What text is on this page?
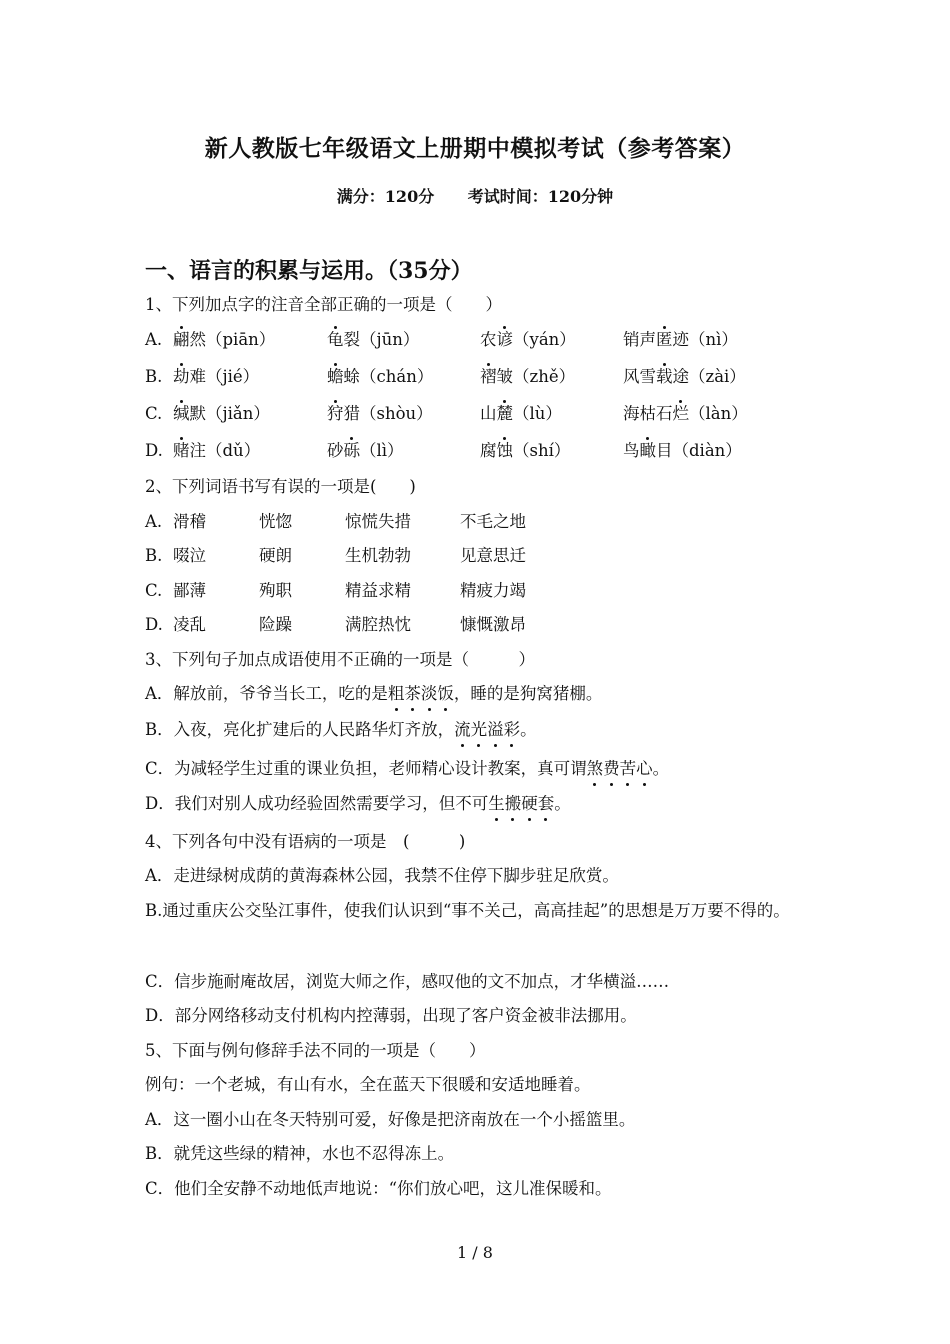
新人教版七年级语文上册期中模拟考试（参考答案）
满分：120分 考试时间：120分钟
一、语言的积累与运用。（35分）
1、下列加点字的注音全部正确的一项是（　　）
A. 翩然（piān）	龟裂（jūn）	农谚（yán）	销声匿迹（nì）
B. 劫难（jié）	蟾蜍（chán）	褶皱（zhě）	风雪载途（zài）
C. 缄默（jiǎn）	狩猎（shòu）	山麓（lù）	海枯石烂（làn）
D. 赌注（dǔ）	砂砾（lì）	腐蚀（shí）	鸟瞰目（diàn）
2、下列词语书写有误的一项是(　　)
A. 滑稽	恍惚	惊慌失措	不毛之地
B. 啜泣	硬朗	生机勃勃	见意思迁
C. 鄙薄	殉职	精益求精	精疲力竭
D. 凌乱	险躁	满腔热忱	慷慨激昂
3、下列句子加点成语使用不正确的一项是（　　　）
A．解放前，爷爷当长工，吃的是粗茶淡饭，睡的是狗窝猪棚。
B．入夜，亮化扩建后的人民路华灯齐放，流光溢彩。
C．为减轻学生过重的课业负担，老师精心设计教案，真可谓煞费苦心。
D．我们对别人成功经验固然需要学习，但不可生搬硬套。
4、下列各句中没有语病的一项是　(　　　)
A．走进绿树成荫的黄海森林公园，我禁不住停下脚步驻足欣赏。
B.通过重庆公交坠江事件，使我们认识到“事不关己，高高挂起”的思想是万万要不得的。
C．信步施耐庵故居，浏览大师之作，感叹他的文不加点，才华横溢……
D．部分网络移动支付机构内控薄弱，出现了客户资金被非法挪用。
5、下面与例句修辞手法不同的一项是（　　）
例句：一个老城，有山有水，全在蓝天下很暖和安适地睡着。
A．这一圈小山在冬天特别可爱，好像是把济南放在一个小摇篮里。
B．就凭这些绿的精神，水也不忍得冻上。
C．他们全安静不动地低声地说：“你们放心吧，这儿准保暖和。
1 / 8
